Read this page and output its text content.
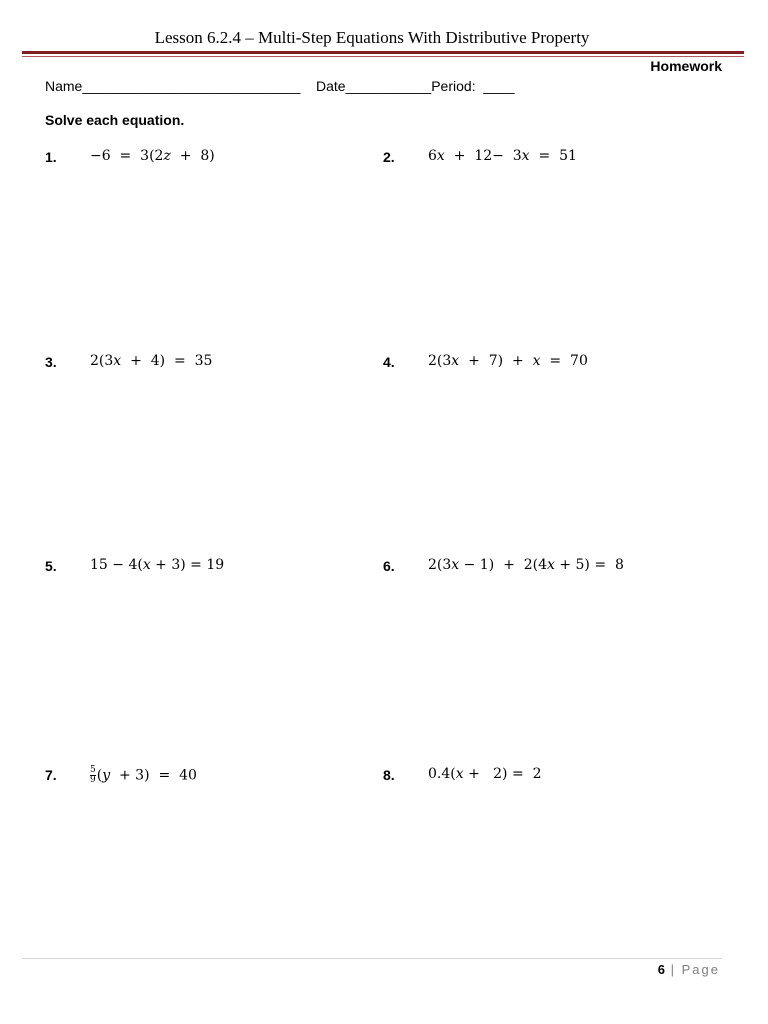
Lesson 6.2.4 – Multi-Step Equations With Distributive Property
Homework
Name____________________________ Date___________Period:  ____
Solve each equation.
1. −6  =  3(2𝑧  +  8)	2. 6𝑥  +  12−  3𝑥  =  51
3. 2(3𝑥  +  4)  =  35	4. 2(3𝑥  +  7)  +  𝑥  =  70
5. 15 − 4(𝑥 + 3) = 19	6. 2(3𝑥 − 1)  +  2(4𝑥 + 5) =  8
7.	$\frac{5}{9}$ (𝑦  + 3)  =  40	8. 0.4(𝑥 +   2) =  2
6 | Page
